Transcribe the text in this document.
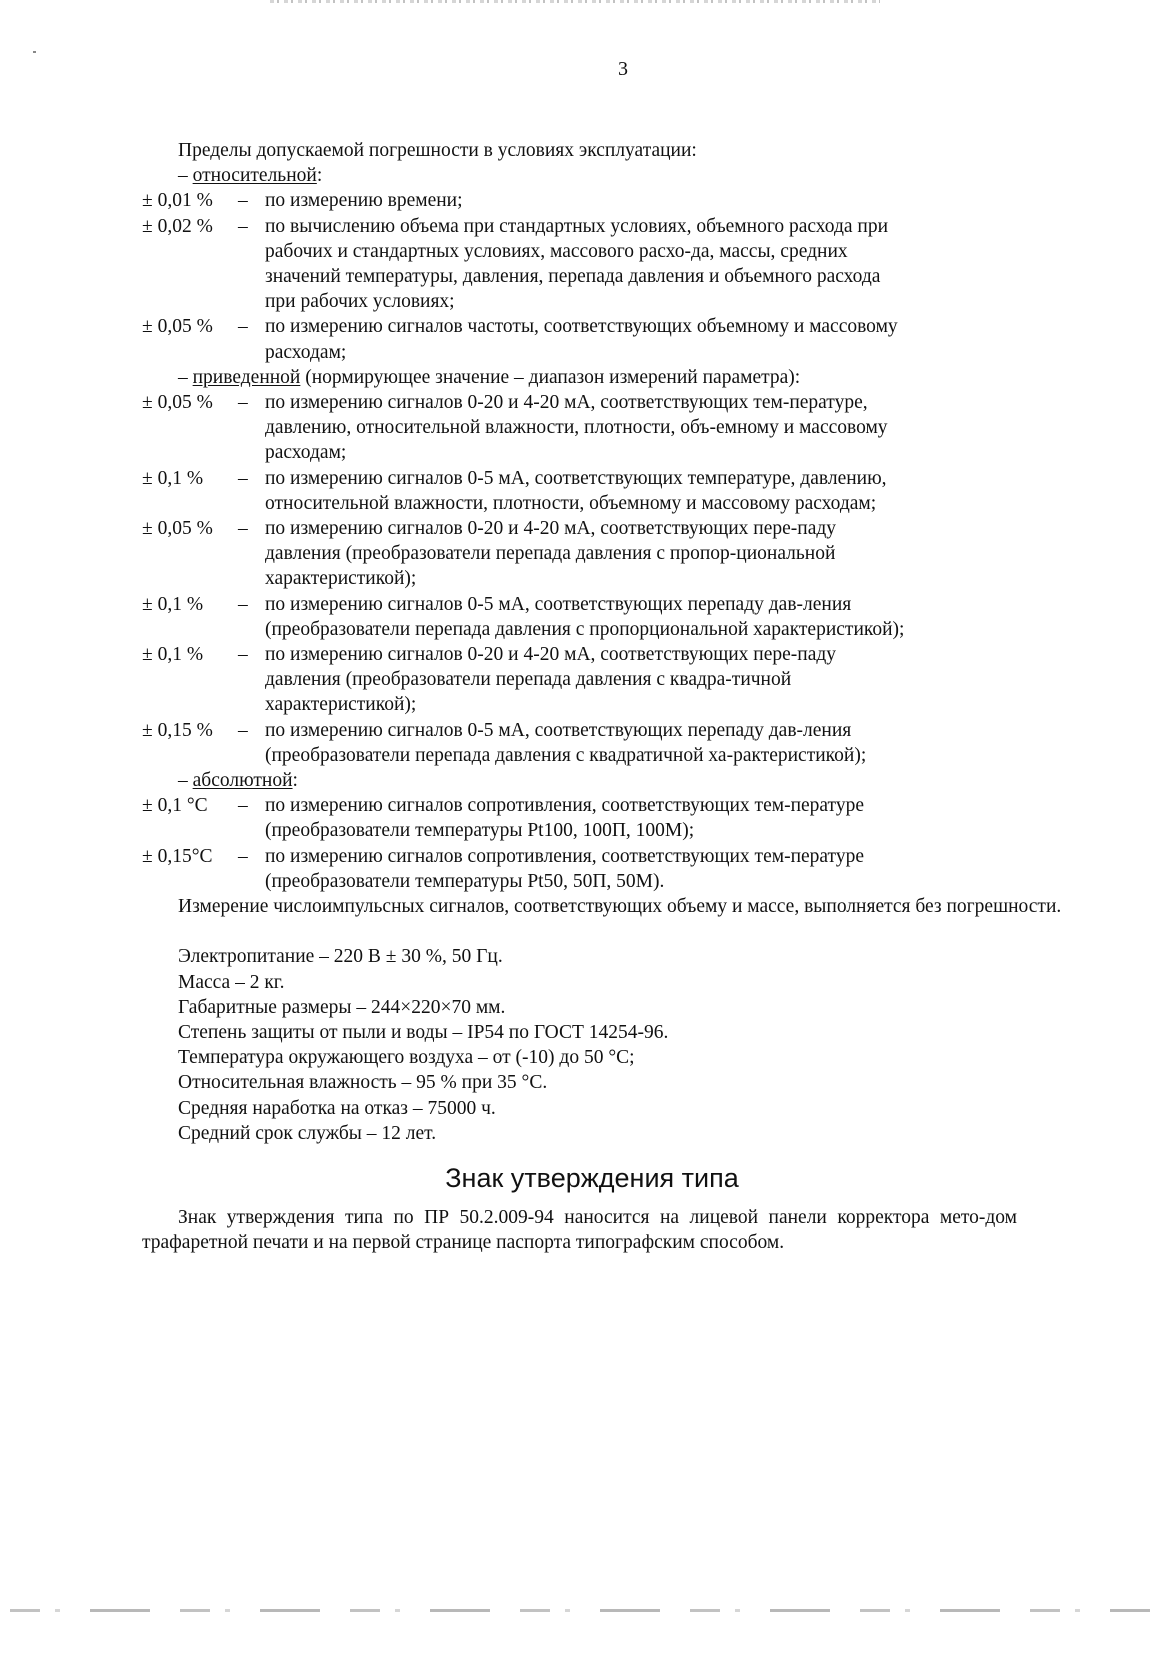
3
Пределы допускаемой погрешности в условиях эксплуатации:
– относительной:
± 0,01 %	– по измерению времени;
± 0,02 %	– по вычислению объема при стандартных условиях, объемного расхода при рабочих и стандартных условиях, массового расхо-да, массы, средних значений температуры, давления, перепада давления и объемного расхода при рабочих условиях;
± 0,05 %	– по измерению сигналов частоты, соответствующих объемному и массовому расходам;
– приведенной (нормирующее значение – диапазон измерений параметра):
± 0,05 %	– по измерению сигналов 0-20 и 4-20 мА, соответствующих тем-пературе, давлению, относительной влажности, плотности, объ-емному и массовому расходам;
± 0,1 %	– по измерению сигналов 0-5 мА, соответствующих температуре, давлению, относительной влажности, плотности, объемному и массовому расходам;
± 0,05 %	– по измерению сигналов 0-20 и 4-20 мА, соответствующих пере-паду давления (преобразователи перепада давления с пропор-циональной характеристикой);
± 0,1 %	– по измерению сигналов 0-5 мА, соответствующих перепаду дав-ления (преобразователи перепада давления с пропорциональной характеристикой);
± 0,1 %	– по измерению сигналов 0-20 и 4-20 мА, соответствующих пере-паду давления (преобразователи перепада давления с квадра-тичной характеристикой);
± 0,15 %	– по измерению сигналов 0-5 мА, соответствующих перепаду дав-ления (преобразователи перепада давления с квадратичной ха-рактеристикой);
– абсолютной:
± 0,1 °C	– по измерению сигналов сопротивления, соответствующих тем-пературе (преобразователи температуры Pt100, 100П, 100М);
± 0,15°C	– по измерению сигналов сопротивления, соответствующих тем-пературе (преобразователи температуры Pt50, 50П, 50М).
Измерение числоимпульсных сигналов, соответствующих объему и массе, выполняется без погрешности.
Электропитание – 220 В ± 30 %, 50 Гц.
Масса – 2 кг.
Габаритные размеры – 244×220×70 мм.
Степень защиты от пыли и воды – IP54 по ГОСТ 14254-96.
Температура окружающего воздуха – от (-10) до 50 °C;
Относительная влажность – 95 % при 35 °C.
Средняя наработка на отказ – 75000 ч.
Средний срок службы – 12 лет.
Знак утверждения типа
Знак утверждения типа по ПР 50.2.009-94 наносится на лицевой панели корректора мето-дом трафаретной печати и на первой странице паспорта типографским способом.
